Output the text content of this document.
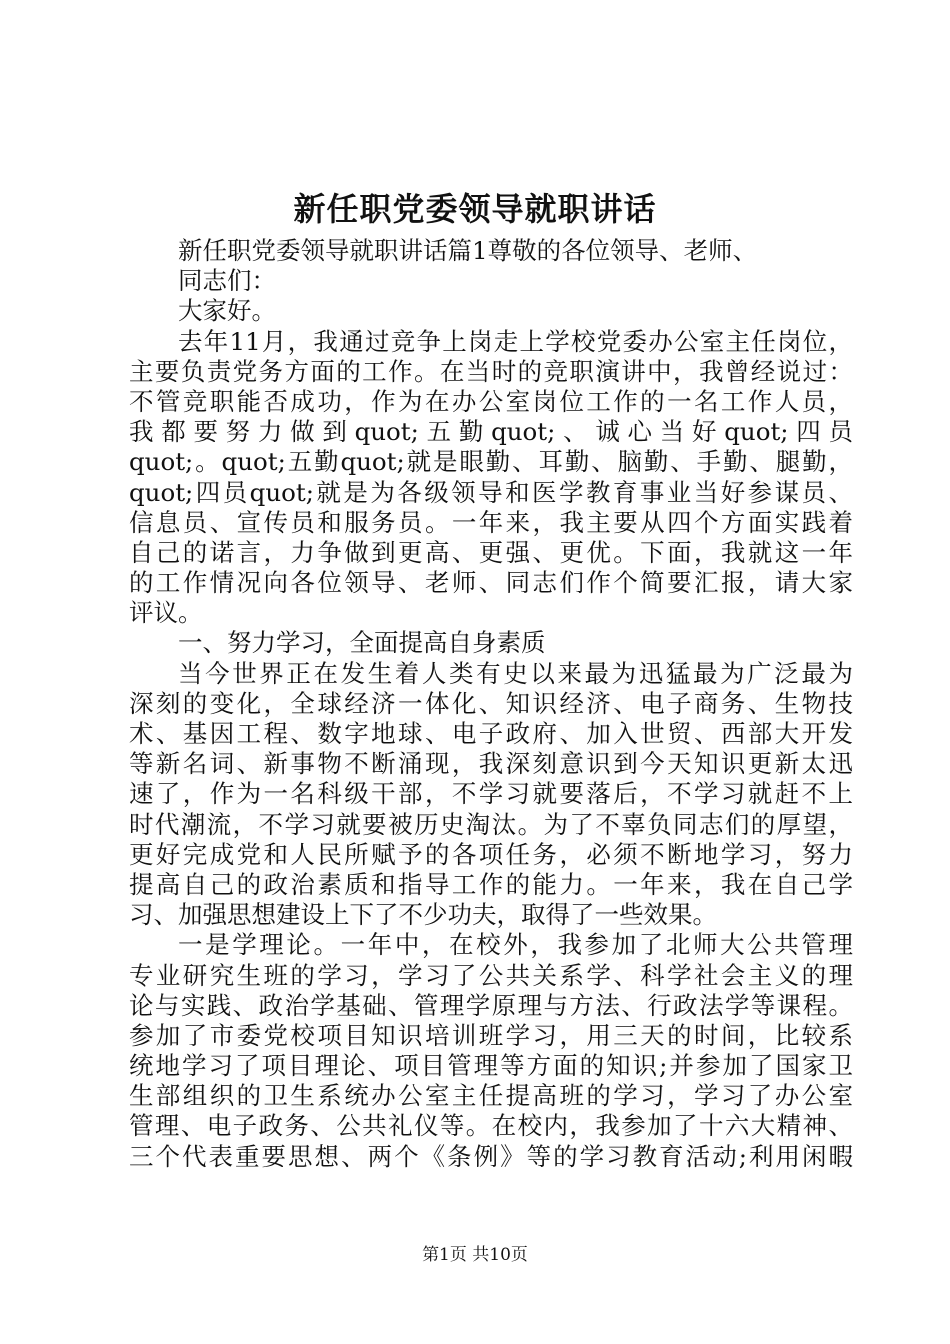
新任职党委领导就职讲话
新任职党委领导就职讲话篇1尊敬的各位领导、老师、
同志们：
大家好。
去年11月，我通过竞争上岗走上学校党委办公室主任岗位，
主要负责党务方面的工作。在当时的竞职演讲中，我曾经说过：
不管竞职能否成功，作为在办公室岗位工作的一名工作人员，
我都要努力做到quot;五勤quot;、诚心当好quot;四员
quot;。quot;五勤quot;就是眼勤、耳勤、脑勤、手勤、腿勤，
quot;四员quot;就是为各级领导和医学教育事业当好参谋员、
信息员、宣传员和服务员。一年来，我主要从四个方面实践着
自己的诺言，力争做到更高、更强、更优。下面，我就这一年
的工作情况向各位领导、老师、同志们作个简要汇报，请大家
评议。
一、努力学习，全面提高自身素质
当今世界正在发生着人类有史以来最为迅猛最为广泛最为
深刻的变化，全球经济一体化、知识经济、电子商务、生物技
术、基因工程、数字地球、电子政府、加入世贸、西部大开发
等新名词、新事物不断涌现，我深刻意识到今天知识更新太迅
速了，作为一名科级干部，不学习就要落后，不学习就赶不上
时代潮流，不学习就要被历史淘汰。为了不辜负同志们的厚望，
更好完成党和人民所赋予的各项任务，必须不断地学习，努力
提高自己的政治素质和指导工作的能力。一年来，我在自己学
习、加强思想建设上下了不少功夫，取得了一些效果。
一是学理论。一年中，在校外，我参加了北师大公共管理
专业研究生班的学习，学习了公共关系学、科学社会主义的理
论与实践、政治学基础、管理学原理与方法、行政法学等课程。
参加了市委党校项目知识培训班学习，用三天的时间，比较系
统地学习了项目理论、项目管理等方面的知识;并参加了国家卫
生部组织的卫生系统办公室主任提高班的学习，学习了办公室
管理、电子政务、公共礼仪等。在校内，我参加了十六大精神、
三个代表重要思想、两个《条例》等的学习教育活动;利用闲暇
第1页 共10页
